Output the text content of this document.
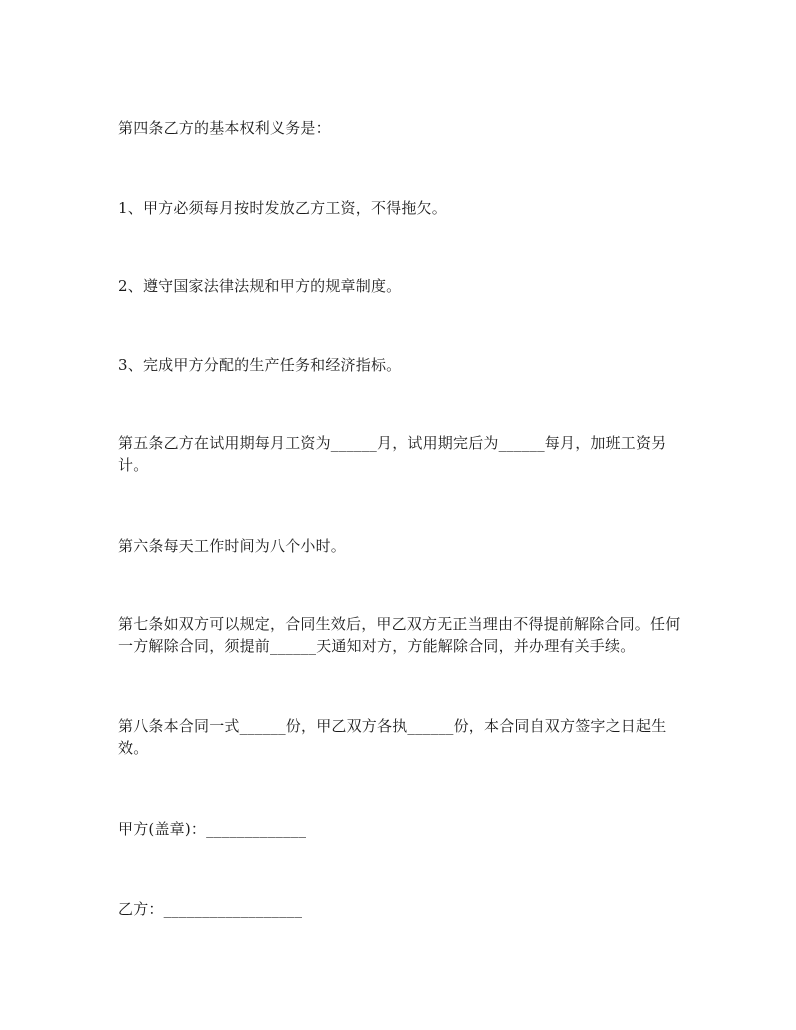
第四条乙方的基本权利义务是：
1、甲方必须每月按时发放乙方工资，不得拖欠。
2、遵守国家法律法规和甲方的规章制度。
3、完成甲方分配的生产任务和经济指标。
第五条乙方在试用期每月工资为______月，试用期完后为______每月，加班工资另计。
第六条每天工作时间为八个小时。
第七条如双方可以规定，合同生效后，甲乙双方无正当理由不得提前解除合同。任何一方解除合同，须提前______天通知对方，方能解除合同，并办理有关手续。
第八条本合同一式______份，甲乙双方各执______份，本合同自双方签字之日起生效。
甲方(盖章)：_____________
乙方：__________________
